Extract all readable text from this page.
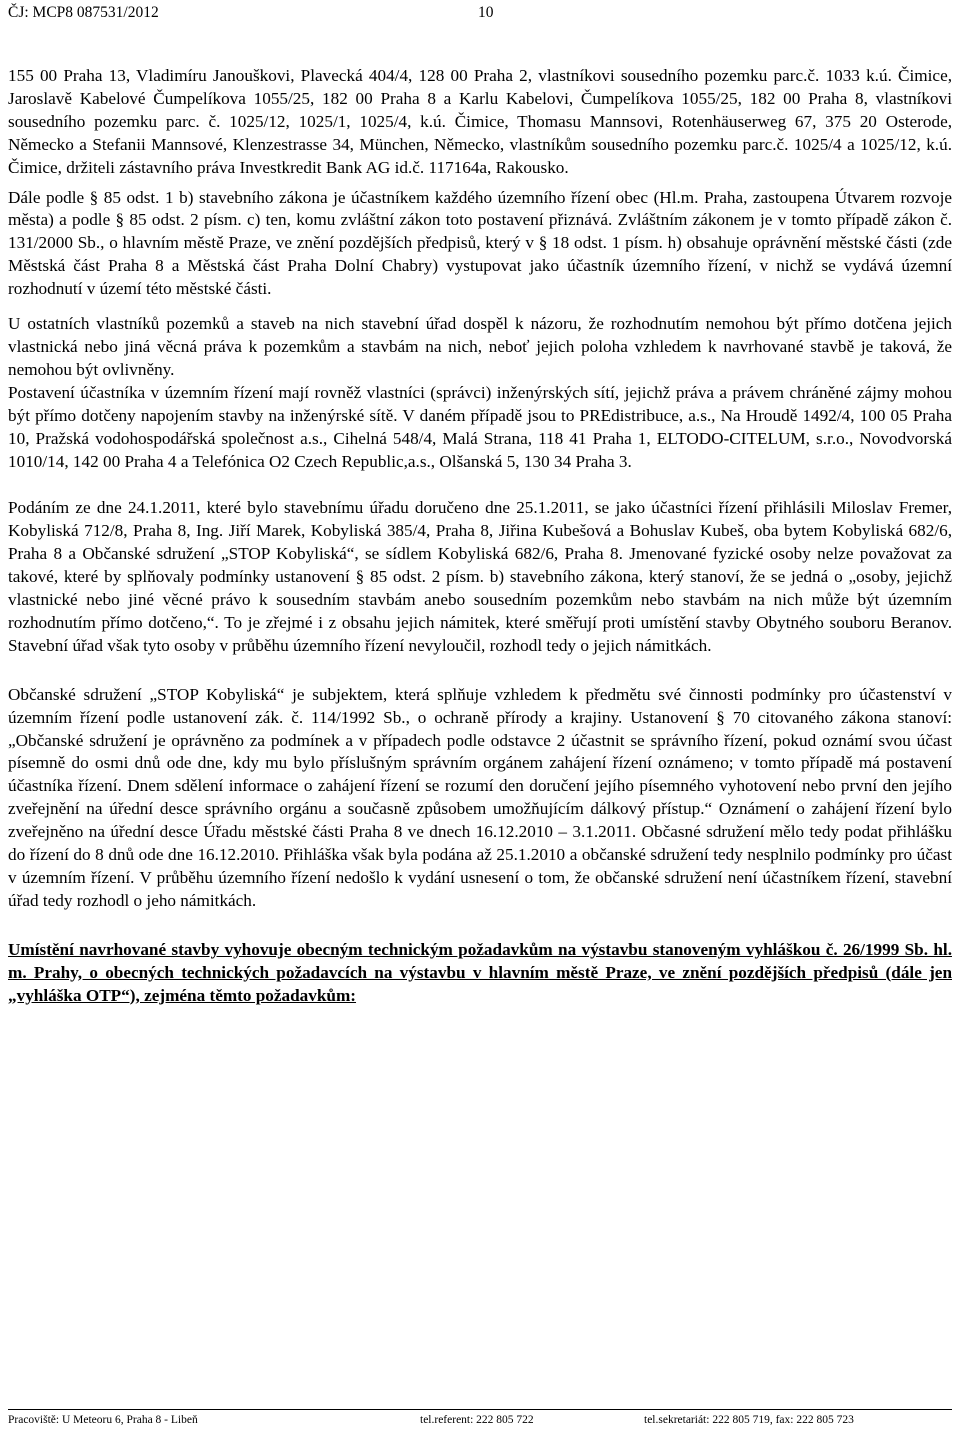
ČJ: MCP8 087531/2012	10

155 00 Praha 13, Vladimíru Janouškovi, Plavecká 404/4, 128 00 Praha 2, vlastníkovi sousedního pozemku parc.č. 1033 k.ú. Čimice, Jaroslavě Kabelové Čumpelíkova 1055/25, 182 00 Praha 8 a Karlu Kabelovi, Čumpelíkova 1055/25, 182 00 Praha 8, vlastníkovi sousedního pozemku parc. č. 1025/12, 1025/1, 1025/4, k.ú. Čimice, Thomasu Mannsovi, Rotenhäuserweg 67, 375 20 Osterode, Německo a Stefanii Mannsové, Klenzestrasse 34, München, Německo, vlastníkům sousedního pozemku parc.č. 1025/4 a 1025/12, k.ú. Čimice, držiteli zástavního práva Investkredit Bank AG id.č. 117164a, Rakousko.

Dále podle § 85 odst. 1 b) stavebního zákona je účastníkem každého územního řízení obec (Hl.m. Praha, zastoupena Útvarem rozvoje města) a podle § 85 odst. 2 písm. c) ten, komu zvláštní zákon toto postavení přiznává. Zvláštním zákonem je v tomto případě zákon č. 131/2000 Sb., o hlavním městě Praze, ve znění pozdějších předpisů, který v § 18 odst. 1 písm. h) obsahuje oprávnění městské části (zde Městská část Praha 8 a Městská část Praha Dolní Chabry) vystupovat jako účastník územního řízení, v nichž se vydává územní rozhodnutí v území této městské části.

U ostatních vlastníků pozemků a staveb na nich stavební úřad dospěl k názoru, že rozhodnutím nemohou být přímo dotčena jejich vlastnická nebo jiná věcná práva k pozemkům a stavbám na nich, neboť jejich poloha vzhledem k navrhované stavbě je taková, že nemohou být ovlivněny.

Postavení účastníka v územním řízení mají rovněž vlastníci (správci) inženýrských sítí, jejichž práva a právem chráněné zájmy mohou být přímo dotčeny napojením stavby na inženýrské sítě. V daném případě jsou to PREdistribuce, a.s., Na Hroudě 1492/4, 100 05 Praha 10, Pražská vodohospodářská společnost a.s., Cihelná 548/4, Malá Strana, 118 41 Praha 1, ELTODO-CITELUM, s.r.o., Novodvorská 1010/14, 142 00 Praha 4 a Telefónica O2 Czech Republic,a.s., Olšanská 5, 130 34 Praha 3.

Podáním ze dne 24.1.2011, které bylo stavebnímu úřadu doručeno dne 25.1.2011, se jako účastníci řízení přihlásili Miloslav Fremer, Kobyliská 712/8, Praha 8, Ing. Jiří Marek, Kobyliská 385/4, Praha 8, Jiřina Kubešová a Bohuslav Kubeš, oba bytem Kobyliská 682/6, Praha 8 a Občanské sdružení „STOP Kobyliská“, se sídlem Kobyliská 682/6, Praha 8. Jmenované fyzické osoby nelze považovat za takové, které by splňovaly podmínky ustanovení § 85 odst. 2 písm. b) stavebního zákona, který stanoví, že se jedná o „osoby, jejichž vlastnické nebo jiné věcné právo k sousedním stavbám anebo sousedním pozemkům nebo stavbám na nich může být územním rozhodnutím přímo dotčeno,“. To je zřejmé i z obsahu jejich námitek, které směřují proti umístění stavby Obytného souboru Beranov. Stavební úřad však tyto osoby v průběhu územního řízení nevyloučil, rozhodl tedy o jejich námitkách.

Občanské sdružení „STOP Kobyliská“ je subjektem, která splňuje vzhledem k předmětu své činnosti podmínky pro účastenství v územním řízení podle ustanovení zák. č. 114/1992 Sb., o ochraně přírody a krajiny. Ustanovení § 70 citovaného zákona stanoví: „Občanské sdružení je oprávněno za podmínek a v případech podle odstavce 2 účastnit se správního řízení, pokud oznámí svou účast písemně do osmi dnů ode dne, kdy mu bylo příslušným správním orgánem zahájení řízení oznámeno; v tomto případě má postavení účastníka řízení. Dnem sdělení informace o zahájení řízení se rozumí den doručení jejího písemného vyhotovení nebo první den jejího zveřejnění na úřední desce správního orgánu a současně způsobem umožňujícím dálkový přístup.“ Oznámení o zahájení řízení bylo zveřejněno na úřední desce Úřadu městské části Praha 8 ve dnech 16.12.2010 – 3.1.2011. Občasné sdružení mělo tedy podat přihlášku do řízení do 8 dnů ode dne 16.12.2010. Přihláška však byla podána až 25.1.2010 a občanské sdružení tedy nesplnilo podmínky pro účast v územním řízení. V průběhu územního řízení nedošlo k vydání usnesení o tom, že občanské sdružení není účastníkem řízení, stavební úřad tedy rozhodl o jeho námitkách.

Umístění navrhované stavby vyhovuje obecným technickým požadavkům na výstavbu stanoveným vyhláškou č. 26/1999 Sb. hl. m. Prahy, o obecných technických požadavcích na výstavbu v hlavním městě Praze, ve znění pozdějších předpisů (dále jen „vyhláška OTP“), zejména těmto požadavkům:

Pracoviště: U Meteoru 6, Praha 8 - Libeň	tel.referent: 222 805 722	tel.sekretariát: 222 805 719, fax: 222 805 723
